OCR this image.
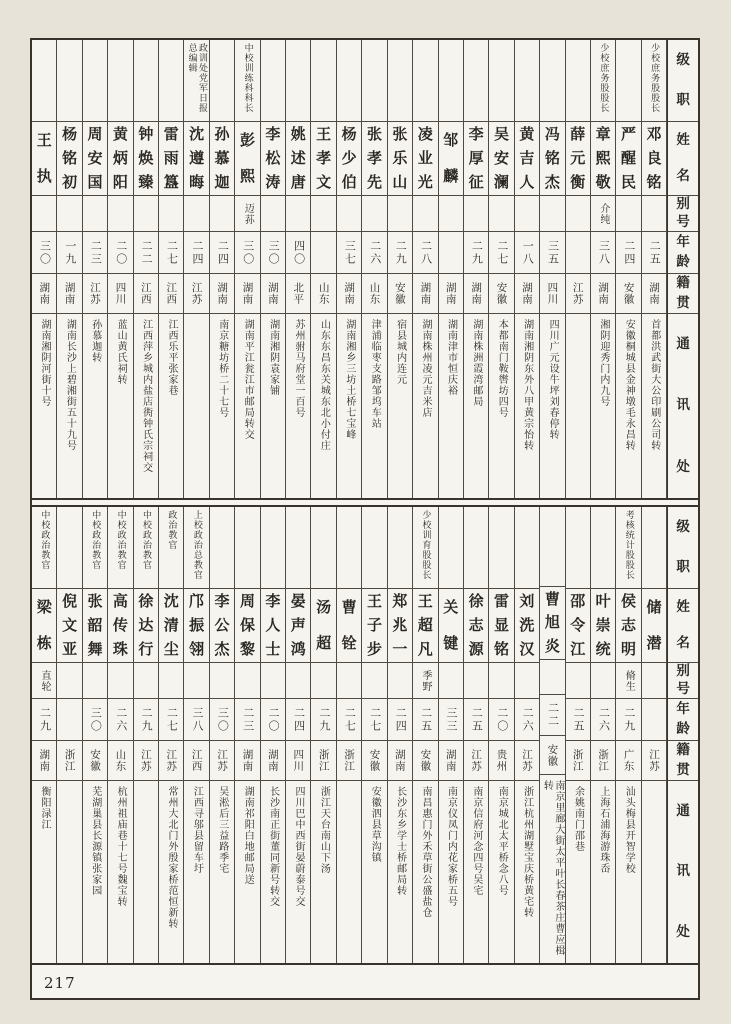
王
执
三〇
湖南
湖南湘阴河街十号
杨
铭
初
一九
湖南
湖南长沙上碧湘街五十九号
周
安
国
二三
江苏
孙慕迦转
黄
炳
阳
二〇
四川
蓝山黄氏祠转
钟
焕
臻
二二
江西
江西萍乡城内盐店衖钟氏宗祠交
雷
雨
簋
二七
江西
江西乐平张家巷
政训处党军日报总编辑
沈
遵
晦
二四
江苏
孙
慕
迦
二四
湖南
南京糖坊桥二十七号
中校训练科科长
彭
熙
迈荪
三〇
湖南
湖南平江瓮江市邮局转交
李
松
涛
三〇
湖南
湖南湘阴袁家铺
姚
述
唐
四〇
北平
苏州驸马府堂一百号
王
孝
文
山东
山东东昌东关城东北小付庄
杨
少
伯
三七
湖南
湖南湘乡三坊土桥七宝峰
张
孝
先
二六
山东
津浦临枣支路邹坞车站
张
乐
山
二九
安徽
宿县城内连元
凌
业
光
二八
湖南
湖南株州凌元吉米店
邹
麟
湖南
湖南津市恒庆裕
李
厚
征
二九
湖南
湖南株洲霞湾邮局
吴
安
澜
二七
安徽
本都南门鞍辔坊四号
黄
吉
人
一八
湖南
湖南湘阴东外八甲黄宗怡转
冯
铭
杰
三五
四川
四川广元设牛坪刘春停转
薛
元
衡
江苏
少校庶务股股长
章
熙
敬
介纯
三八
湖南
湘阴迎秀门内九号
严
醒
民
二四
安徽
安徽桐城县金神墩毛永昌转
少校庶务股股长
邓
良
铭
二五
湖南
首都洪武街大公印刷公司转
级
职
姓
名
别
号
年
龄
籍
贯
通
讯
处
中校政治教官
梁
栋
直轮
二九
湖南
衡阳渌江
倪
文
亚
浙江
中校政治教官
张
韶
舞
三〇
安徽
芜湖巢县长源镇张家园
中校政治教官
高
传
珠
二六
山东
杭州祖庙巷十七号魏宝转
中校政治教官
徐
达
行
二九
江苏
政治教官
沈
清
尘
二七
江苏
常州大北门外殷家桥范恒新转
上校政治总教官
邝
振
翎
三八
江西
江西寻邬县留车圩
李
公
杰
三〇
江苏
吴淞后三益路季宅
周
保
黎
二三
湖南
湖南祁阳白地邮局送
李
人
士
二〇
湖南
长沙南正街董同新号转交
晏
声
鸿
二四
四川
四川巴中西街晏蔚泰号交
汤
超
二九
浙江
浙江天台南山下汤
曹
铨
二七
浙江
王
子
步
二七
安徽
安徽泗县草沟镇
郑
兆
一
二四
湖南
长沙东乡学士桥邮局转
少校训育股股长
王
超
凡
季野
二五
安徽
南昌惠门外禾草街公盛盐仓
关
键
三三
湖南
南京仪凤门内花家桥五号
徐
志
源
二五
江苏
南京信府河念四号吴宅
雷
显
铭
二〇
贵州
南京城北太平桥念八号
刘
洗
汉
二六
江苏
浙江杭州湖墅宝庆桥黄宅转
曹
旭
炎
二二
安徽
南京里廊大街太平叶长春茶庄曹应楫转
邵
令
江
二五
浙江
余姚南门邵巷
叶
崇
统
二六
浙江
上海石浦海游珠岙
考核统计股股长
侯
志
明
脩生
二九
广东
汕头梅县开智学校
储
潜
江苏
级
职
姓
名
别
号
年
龄
籍
贯
通
讯
处
217
